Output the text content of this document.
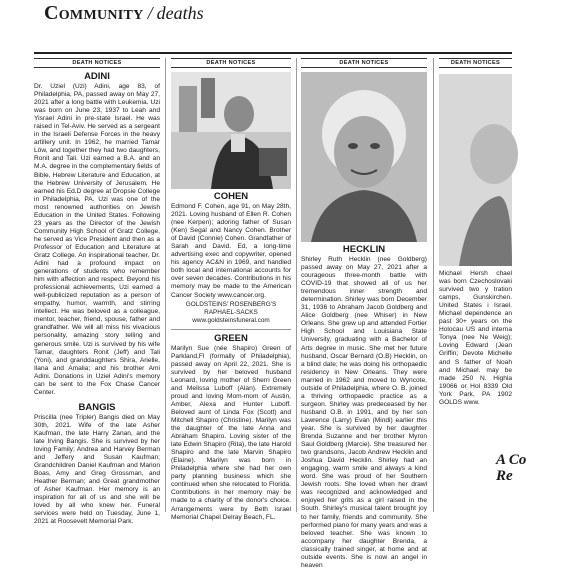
Community / deaths
DEATH NOTICES
ADINI
Dr. Uziel (Uzi) Adini, age 83, of Philadelphia, PA, passed away on May 27, 2021 after a long battle with Leukemia. Uzi was born on June 23, 1937 to Leah and Yisrael Adini in pre-state Israel. He was raised in Tel-Aviv. He served as a sergeant in the Israeli Defense Forces in the heavy artillery unit. In 1962, he married Tamar Löw, and together they had two daughters, Ronit and Tali. Uzi earned a B.A. and an M.A. degree in the complementary fields of Bible, Hebrew Literature and Education, at the Hebrew University of Jerusalem. He earned his Ed.D degree at Dropsie College in Philadelphia, PA. Uzi was one of the most renowned authorities on Jewish Education in the United States. Following 23 years as the Director of the Jewish Community High School of Gratz College, he served as Vice President and then as a Professor of Education and Literature at Gratz College. An inspirational teacher, Dr. Adini had a profound impact on generations of students who remember him with affection and respect. Beyond his professional achievements, Uzi earned a well-publicized reputation as a person of empathy, humor, warmth, and stirring intellect. He was beloved as a colleague, mentor, teacher, friend, spouse, father and grandfather. We will all miss his vivacious personality, amazing story telling and generous smile. Uzi is survived by his wife Tamar, daughters Ronit (Jeff) and Tali (Yoni), and granddaughters Shira, Arielle, Ilana and Amalia; and his brother Ami Adini. Donations in Uziel Adini's memory can be sent to the Fox Chase Cancer Center.
BANGIS
Priscilla (nee Tripler) Bangis died on May 30th, 2021. Wife of the late Asher Kaufman, the late Harry Zanan, and the late Irving Bangis. She is survived by her loving Family; Andrea and Harvey Berman and Jeffery and Susan Kaufman; Grandchildren Daniel Kaufman and Marion Boas, Amy and Greg Grossman, and Heather Berman; and Great grandmother of Asher Kaufman. Her memory is an inspiration for all of us and she will be loved by all who knew her. Funeral services were held on Tuesday, June 1, 2021 at Roosevelt Memorial Park.
DEATH NOTICES
COHEN
Edmond F. Cohen, age 91, on May 28th, 2021. Loving husband of Ellen R. Cohen (nee Kerpen); adoring father of Susan (Ken) Segal and Nancy Cohen. Brother of David (Connie) Cohen. Grandfather of Sarah and David. Ed, a long-time advertising exec and copywriter, opened his agency AC&N in 1969, and handled both local and international accounts for over seven decades. Contributions in his memory may be made to the American Cancer Society www.cancer.org.
GOLDSTEINS' ROSENBERG'S
RAPHAEL-SACKS
www.goldsteinsfuneral.com
GREEN
Marilyn Sue (née Shapiro) Green of Parkland,Fl (formally of Philadelphia), passed away on April 22, 2021. She is survived by her beloved husband Leonard, loving mother of Sherri Green and Melissa Luboff (Alan). Extremely proud and loving Mom-mom of Austin, Amber, Alexa and Hunter Luboff. Beloved aunt of Linda Fox (Scott) and Mitchell Shapiro (Christine). Marilyn was the daughter of the late Anna and Abraham Shapiro. Loving sister of the late Edwin Shapiro (Rita), the late Harold Shapiro and the late Marvin Shapiro (Elaine). Marilyn was born in Philadelphia where she had her own party planning business which she continued when she relocated to Florida. Contributions in her memory may be made to a charity of the donor's choice. Arrangements were by Beth Israel Memorial Chapel Delray Beach, FL.
DEATH NOTICES
HECKLIN
Shirley Ruth Hecklin (nee Goldberg) passed away on May 27, 2021 after a courageous three-month battle with COVID-19 that showed all of us her tremendous inner strength and determination. Shirley was born December 31, 1936 to Abraham Jacob Goldberg and Alice Goldberg (nee Whiser) in New Orleans. She grew up and attended Fortier High School and Louisiana State University, graduating with a Bachelor of Arts degree in music. She met her future husband, Oscar Bernard (O.B) Hecklin, on a blind date; he was doing his orthopaedic residency in New Orleans. They were married in 1962 and moved to Wyncote, outside of Philadelphia, where O. B. joined a thriving orthopaedic practice as a surgeon. Shirley was predeceased by her husband O.B. in 1991, and by her son Lawrence (Larry) Evan (Mindi) earlier this year. She is survived by her daughter Brenda Suzanne and her brother Myron Saul Goldberg (Marcie). She treasured her two grandsons, Jacob Andrew Hecklin and Joshua David Hecklin. Shirley had an engaging, warm smile and always a kind word. She was proud of her Southern Jewish roots. She loved when her drawl was recognized and acknowledged and enjoyed her grits as a girl raised in the South. Shirley's musical talent brought joy to her family, friends and community. She performed piano for many years and was a beloved teacher. She was known to accompany her daughter Brenda, a classically trained singer, at home and at outside events. She is now an angel in heaven
DEATH NOTICES
Michael Hersh chael was born Czechoslovaki survived two y tration camps, Gunskirchen. United States i Israel. Michael dependence an past 30+ years on the Holocau US and interna Tonya (nee Ne Weig); Loving Edward (Jean Griffin; Devote Michelle and S father of Noah and Michael. may be made 250 N. Highla 19066 or Hol 8339 Old York Park, PA 1902 GOLDS www.
A Co Re
